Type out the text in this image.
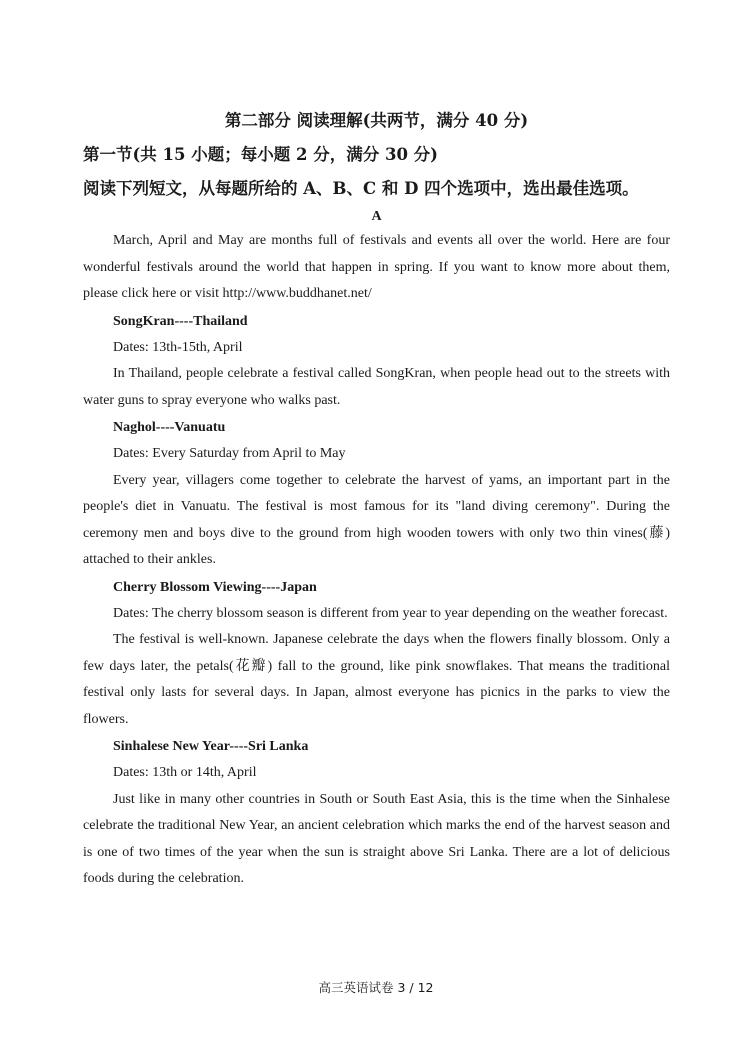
第二部分 阅读理解(共两节，满分 40 分)
第一节(共 15 小题；每小题 2 分，满分 30 分)
阅读下列短文，从每题所给的 A、B、C 和 D 四个选项中，选出最佳选项。
A

March, April and May are months full of festivals and events all over the world. Here are four wonderful festivals around the world that happen in spring. If you want to know more about them, please click here or visit http://www.buddhanet.net/

SongKran----Thailand
Dates: 13th-15th, April

In Thailand, people celebrate a festival called SongKran, when people head out to the streets with water guns to spray everyone who walks past.

Naghol----Vanuatu
Dates: Every Saturday from April to May

Every year, villagers come together to celebrate the harvest of yams, an important part in the people's diet in Vanuatu. The festival is most famous for its "land diving ceremony". During the ceremony men and boys dive to the ground from high wooden towers with only two thin vines(藤) attached to their ankles.

Cherry Blossom Viewing----Japan

Dates: The cherry blossom season is different from year to year depending on the weather forecast.

The festival is well-known. Japanese celebrate the days when the flowers finally blossom. Only a few days later, the petals(花瓣) fall to the ground, like pink snowflakes. That means the traditional festival only lasts for several days. In Japan, almost everyone has picnics in the parks to view the flowers.

Sinhalese New Year----Sri Lanka
Dates: 13th or 14th, April

Just like in many other countries in South or South East Asia, this is the time when the Sinhalese celebrate the traditional New Year, an ancient celebration which marks the end of the harvest season and is one of two times of the year when the sun is straight above Sri Lanka. There are a lot of delicious foods during the celebration.

高三英语试卷 3 / 12
